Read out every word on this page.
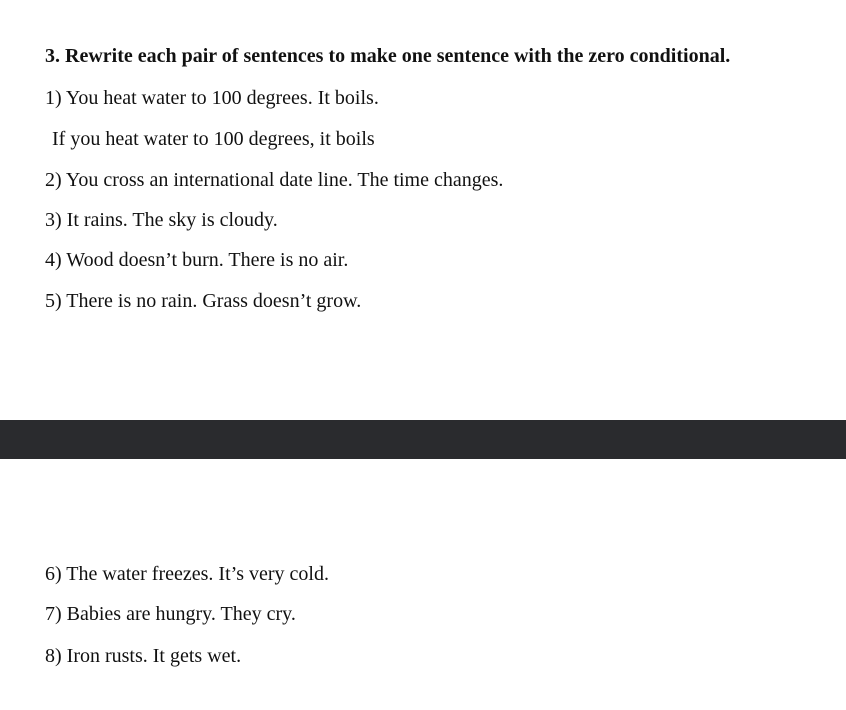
3. Rewrite each pair of sentences to make one sentence with the zero conditional.
1) You heat water to 100 degrees. It boils.
If you heat water to 100 degrees, it boils
2) You cross an international date line. The time changes.
3) It rains. The sky is cloudy.
4) Wood doesn’t burn. There is no air.
5) There is no rain. Grass doesn’t grow.
6) The water freezes. It’s very cold.
7) Babies are hungry. They cry.
8) Iron rusts. It gets wet.
